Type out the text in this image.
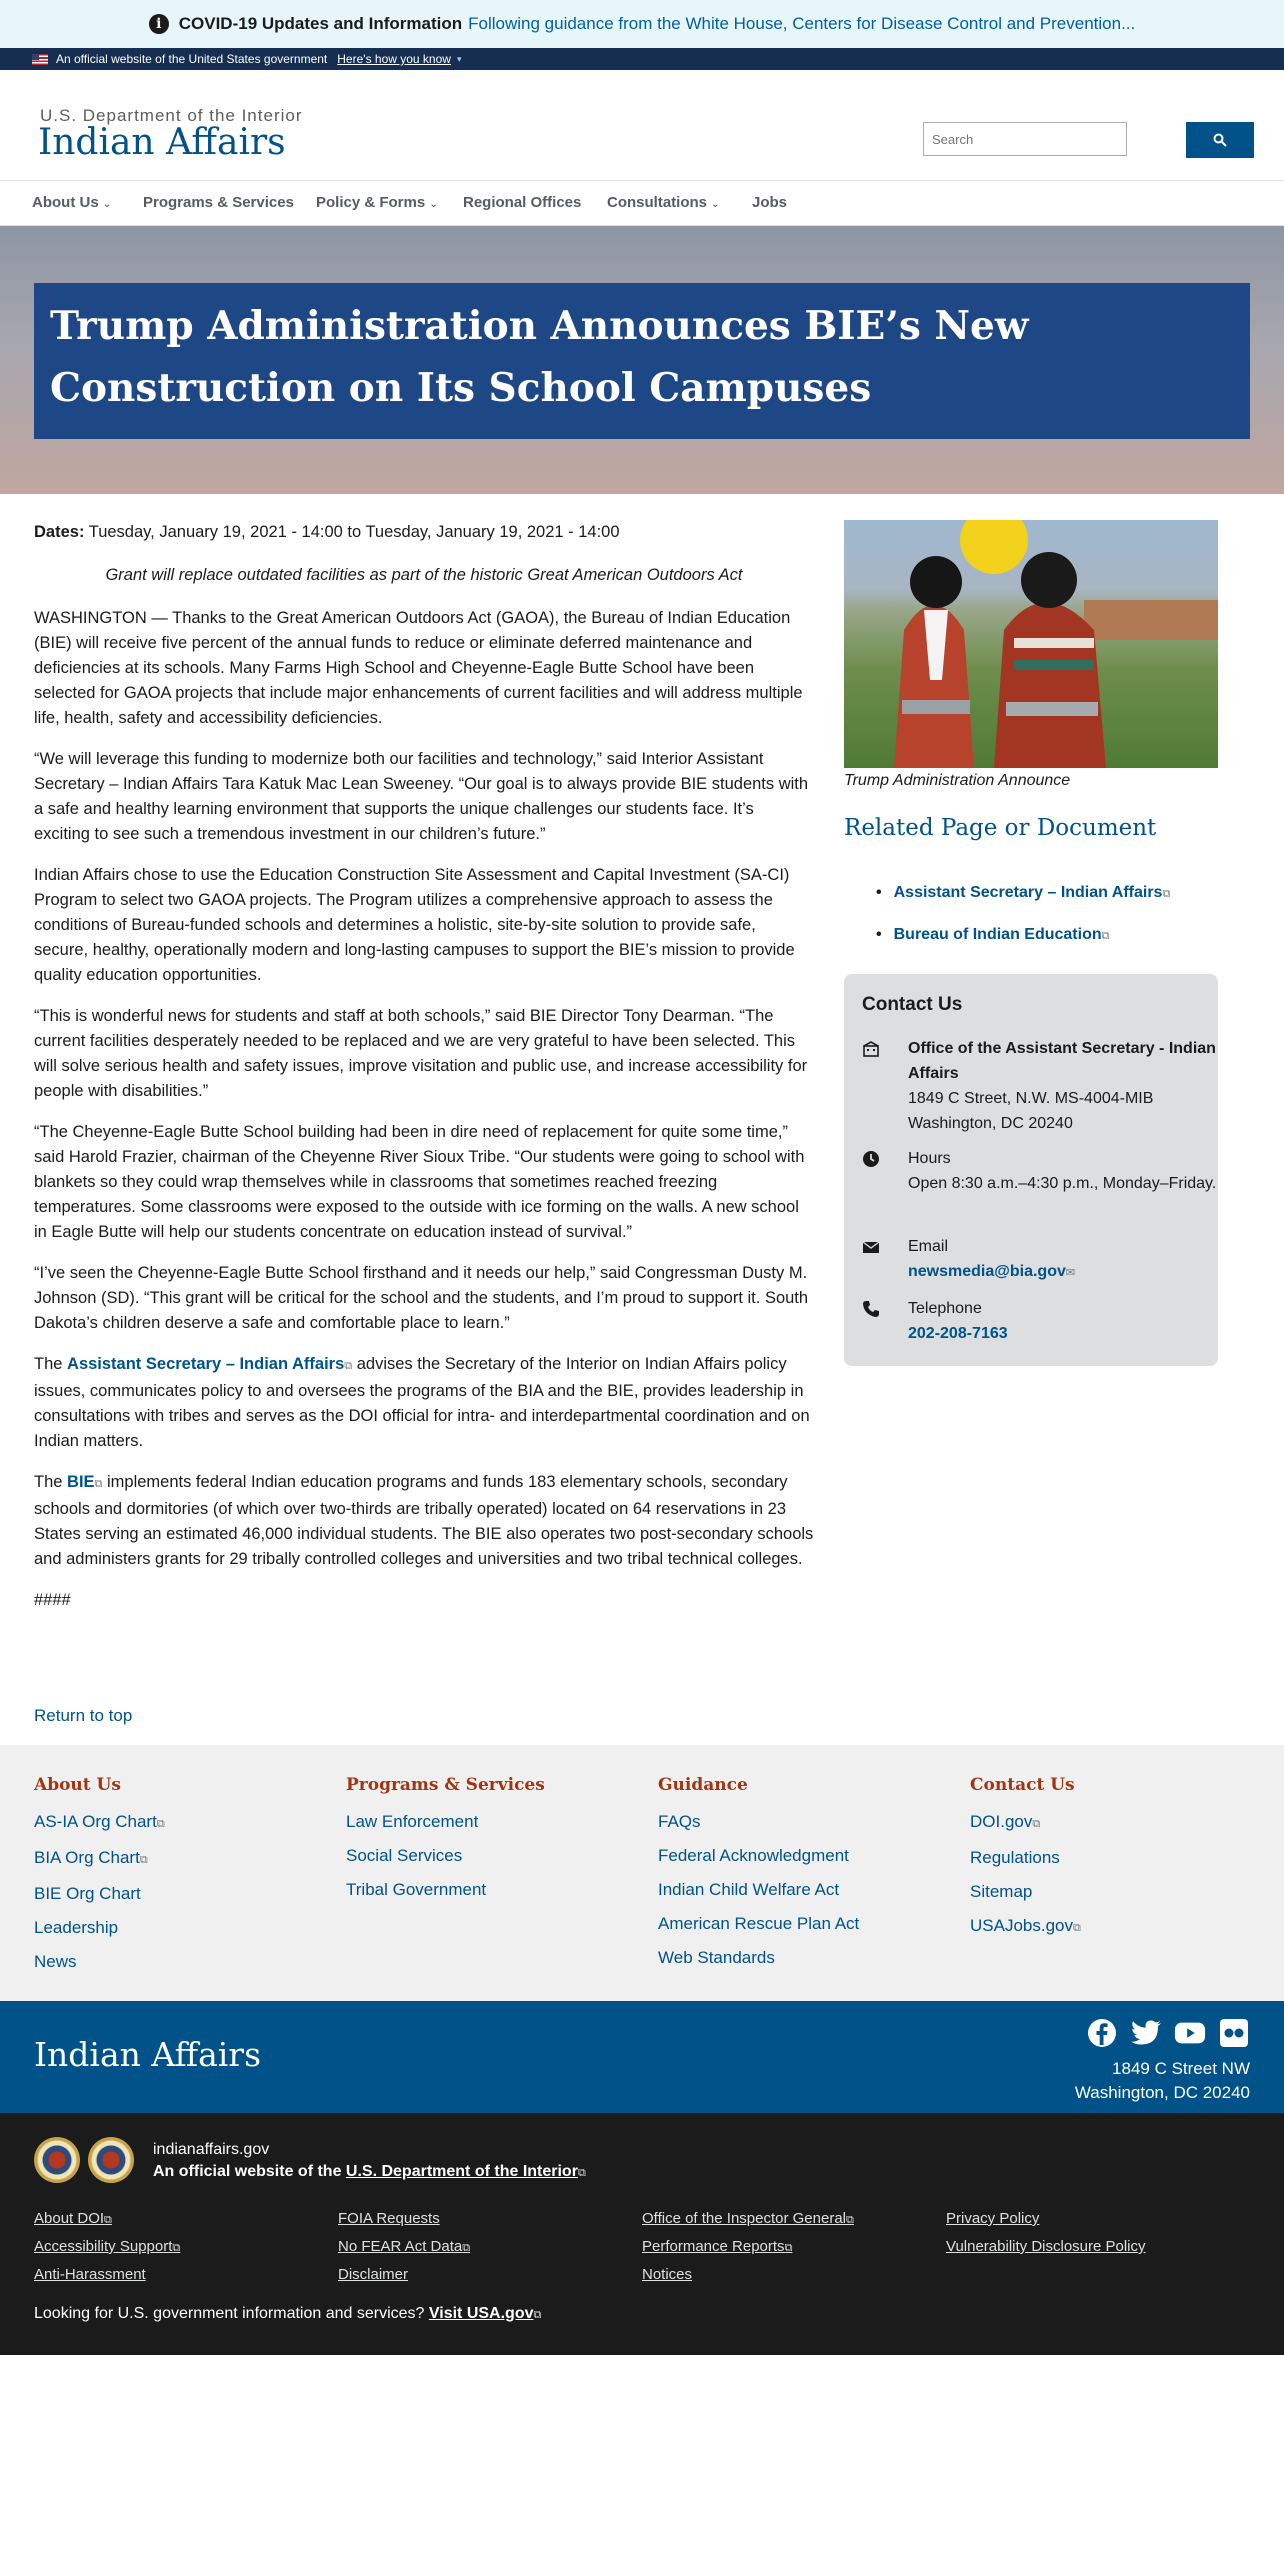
i	COVID-19 Updates and Information Following guidance from the White House, Centers for Disease Control and Prevention...
An official website of the United States government Here's how you know ▾
U.S. Department of the Interior
Indian Affairs	Search
About Us ⌄ Programs & Services Policy & Forms ⌄ Regional Offices Consultations ⌄ Jobs
Trump Administration Announces BIE’s New Construction on Its School Campuses

Dates: Tuesday, January 19, 2021 - 14:00 to Tuesday, January 19, 2021 - 14:00

Grant will replace outdated facilities as part of the historic Great American Outdoors Act

WASHINGTON — Thanks to the Great American Outdoors Act (GAOA), the Bureau of Indian Education (BIE) will receive five percent of the annual funds to reduce or eliminate deferred maintenance and deficiencies at its schools. Many Farms High School and Cheyenne-Eagle Butte School have been selected for GAOA projects that include major enhancements of current facilities and will address multiple life, health, safety and accessibility deficiencies.

“We will leverage this funding to modernize both our facilities and technology,” said Interior Assistant Secretary – Indian Affairs Tara Katuk Mac Lean Sweeney. “Our goal is to always provide BIE students with a safe and healthy learning environment that supports the unique challenges our students face. It’s exciting to see such a tremendous investment in our children’s future.”

Indian Affairs chose to use the Education Construction Site Assessment and Capital Investment (SA-CI) Program to select two GAOA projects. The Program utilizes a comprehensive approach to assess the conditions of Bureau-funded schools and determines a holistic, site-by-site solution to provide safe, secure, healthy, operationally modern and long-lasting campuses to support the BIE’s mission to provide quality education opportunities.

“This is wonderful news for students and staff at both schools,” said BIE Director Tony Dearman. “The current facilities desperately needed to be replaced and we are very grateful to have been selected. This will solve serious health and safety issues, improve visitation and public use, and increase accessibility for people with disabilities.”

“The Cheyenne-Eagle Butte School building had been in dire need of replacement for quite some time,” said Harold Frazier, chairman of the Cheyenne River Sioux Tribe. “Our students were going to school with blankets so they could wrap themselves while in classrooms that sometimes reached freezing temperatures. Some classrooms were exposed to the outside with ice forming on the walls. A new school in Eagle Butte will help our students concentrate on education instead of survival.”

“I’ve seen the Cheyenne-Eagle Butte School firsthand and it needs our help,” said Congressman Dusty M. Johnson (SD). “This grant will be critical for the school and the students, and I’m proud to support it. South Dakota’s children deserve a safe and comfortable place to learn.”

The Assistant Secretary – Indian Affairs⧉ advises the Secretary of the Interior on Indian Affairs policy issues, communicates policy to and oversees the programs of the BIA and the BIE, provides leadership in consultations with tribes and serves as the DOI official for intra- and interdepartmental coordination and on Indian matters.

The BIE⧉ implements federal Indian education programs and funds 183 elementary schools, secondary schools and dormitories (of which over two-thirds are tribally operated) located on 64 reservations in 23 States serving an estimated 46,000 individual students. The BIE also operates two post-secondary schools and administers grants for 29 tribally controlled colleges and universities and two tribal technical colleges.

####

Trump Administration Announce
Related Page or Document
• Assistant Secretary – Indian Affairs⧉
• Bureau of Indian Education⧉
Contact Us
Office of the Assistant Secretary - Indian Affairs
1849 C Street, N.W. MS-4004-MIB
Washington, DC 20240
Hours
Open 8:30 a.m.–4:30 p.m., Monday–Friday.
Email
newsmedia@bia.gov✉
Telephone
202-208-7163
Return to top
About Us
AS-IA Org Chart⧉
BIA Org Chart⧉
BIE Org Chart
Leadership
News
Programs & Services
Law Enforcement
Social Services
Tribal Government
Guidance
FAQs
Federal Acknowledgment
Indian Child Welfare Act
American Rescue Plan Act
Web Standards
Contact Us
DOI.gov⧉
Regulations
Sitemap
USAJobs.gov⧉
Indian Affairs	1849 C Street NW
Washington, DC 20240
indianaffairs.gov
An official website of the U.S. Department of the Interior⧉
About DOI⧉	FOIA Requests	Office of the Inspector General⧉	Privacy Policy
Accessibility Support⧉	No FEAR Act Data⧉	Performance Reports⧉	Vulnerability Disclosure Policy
Anti-Harassment	Disclaimer	Notices
Looking for U.S. government information and services? Visit USA.gov⧉
